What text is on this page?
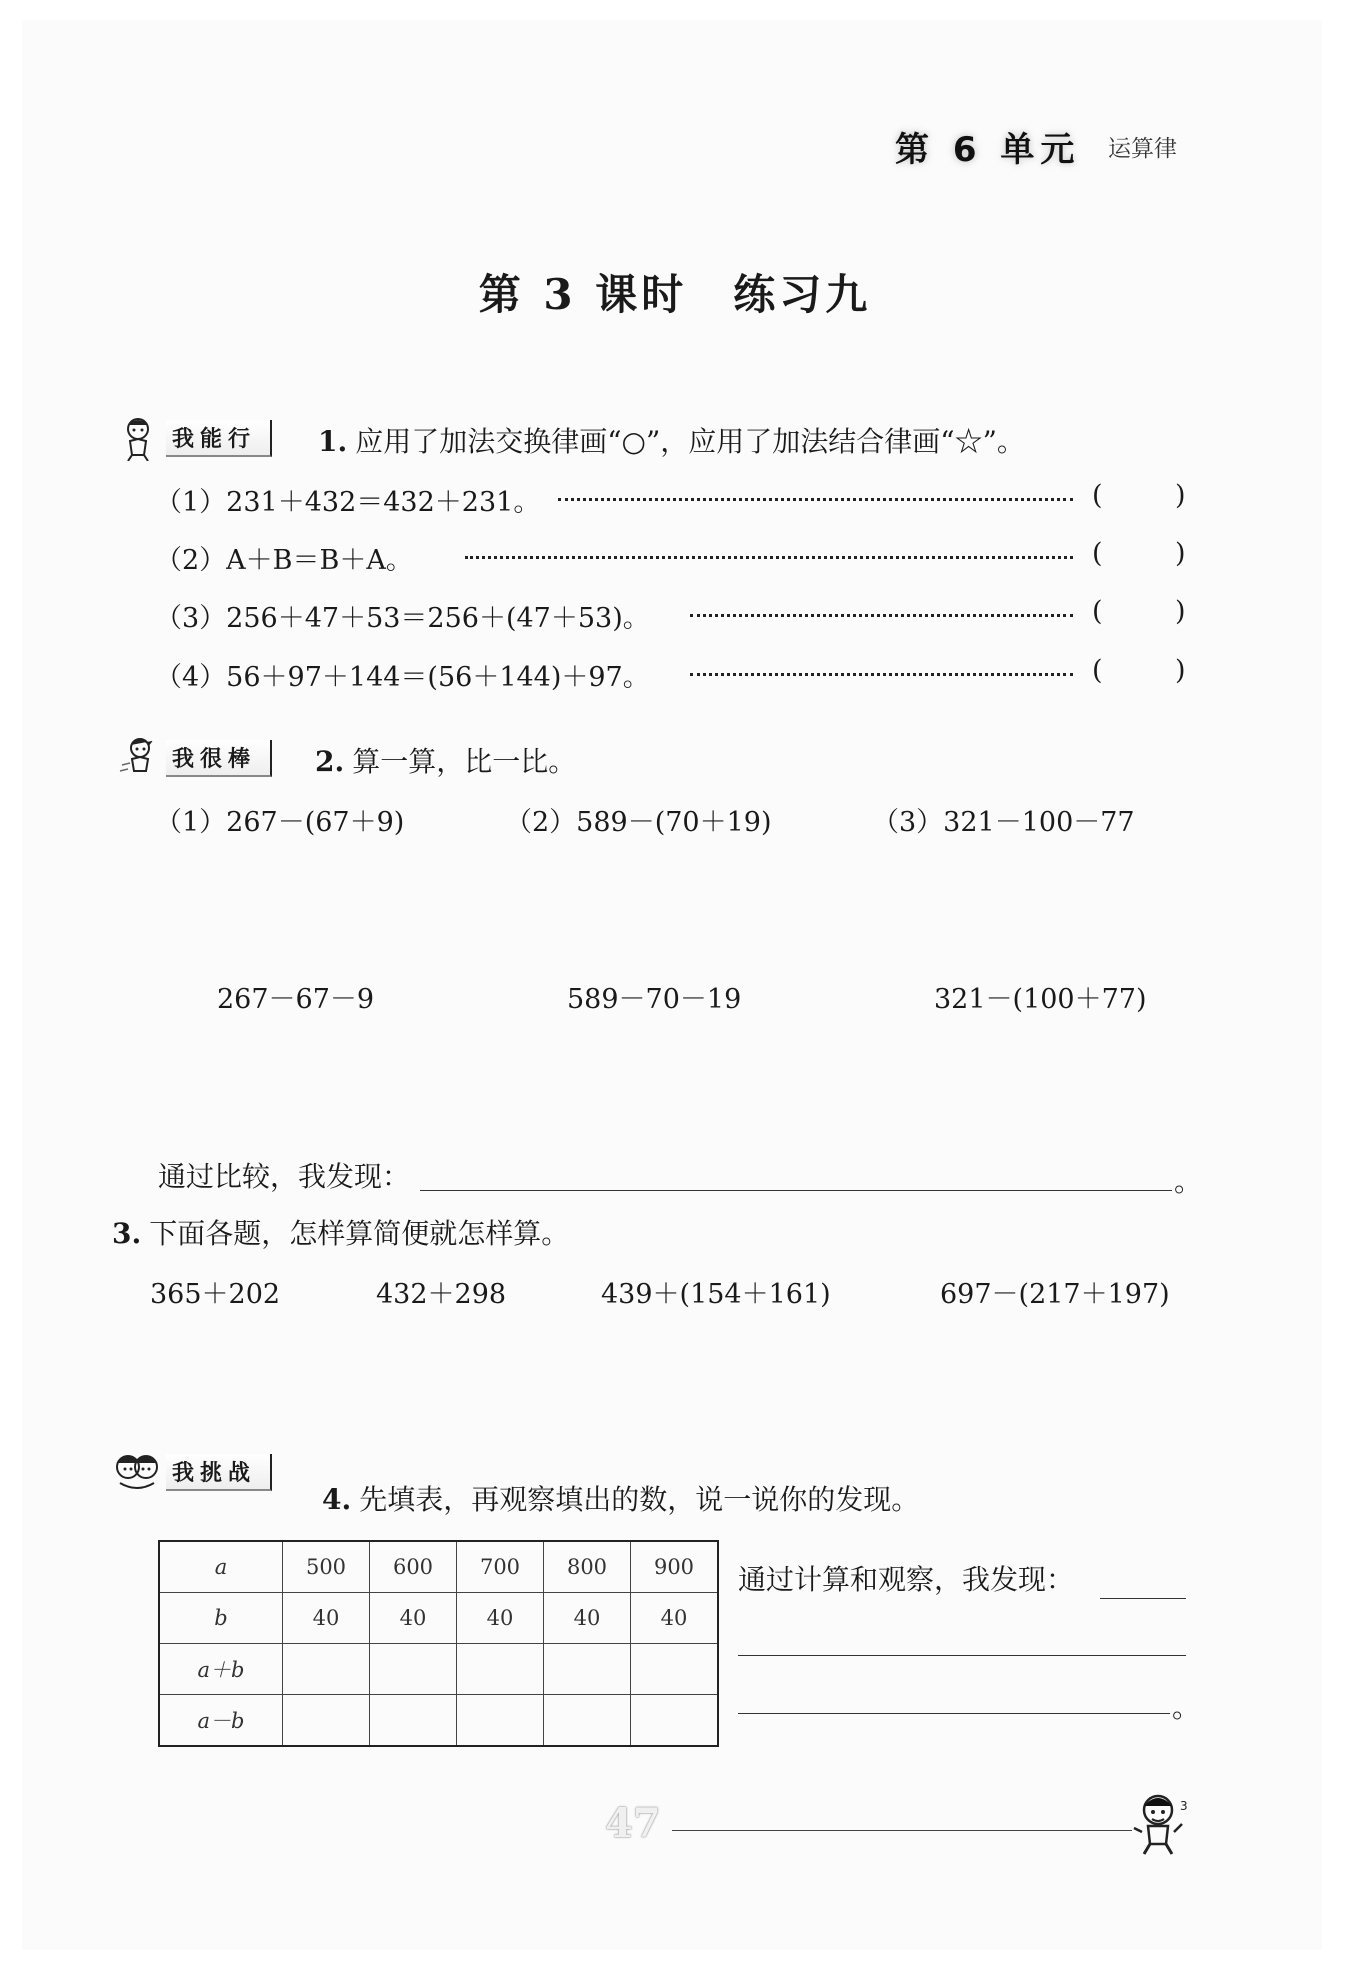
第 6 单元 运算律
第 3 课时　练习九
我能行	1. 应用了加法交换律画“○”，应用了加法结合律画“☆”。
（1）231＋432＝432＋231。	(	)
（2）A＋B＝B＋A。	(	)
（3）256＋47＋53＝256＋(47＋53)。	(	)
（4）56＋97＋144＝(56＋144)＋97。	(	)
我很棒	2. 算一算，比一比。
（1）267－(67＋9)	（2）589－(70＋19)	（3）321－100－77
267－67－9	589－70－19	321－(100＋77)
通过比较，我发现：	。
3. 下面各题，怎样算简便就怎样算。
365＋202	432＋298	439＋(154＋161)	697－(217＋197)
我挑战
4. 先填表，再观察填出的数，说一说你的发现。
a	500	600	700	800	900
b	40	40	40	40	40
a＋b					
a－b					
通过计算和观察，我发现：
。
47	3
